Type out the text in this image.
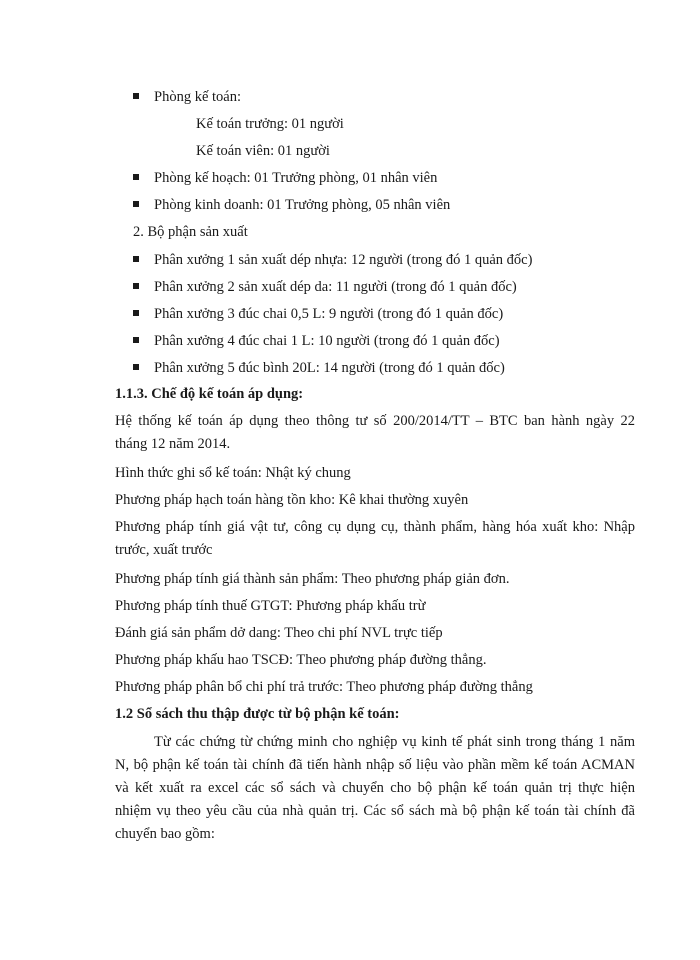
Phòng kế toán:
Kế toán trưởng: 01 người
Kế toán viên: 01 người
Phòng kế hoạch: 01 Trưởng phòng, 01 nhân viên
Phòng kinh doanh: 01 Trưởng phòng, 05 nhân viên
2. Bộ phận sản xuất
Phân xưởng 1 sản xuất dép nhựa: 12 người (trong đó 1 quản đốc)
Phân xưởng 2 sản xuất dép da: 11 người (trong đó 1 quản đốc)
Phân xưởng 3 đúc chai 0,5 L: 9 người (trong đó 1 quản đốc)
Phân xưởng 4 đúc chai 1 L: 10 người (trong đó 1 quản đốc)
Phân xưởng 5 đúc bình 20L: 14 người (trong đó 1 quản đốc)
1.1.3. Chế độ kế toán áp dụng:
Hệ thống kế toán áp dụng theo thông tư số 200/2014/TT – BTC ban hành ngày 22
tháng 12 năm 2014.
Hình thức ghi sổ kế toán: Nhật ký chung
Phương pháp hạch toán hàng tồn kho: Kê khai thường xuyên
Phương pháp tính giá vật tư, công cụ dụng cụ, thành phẩm, hàng hóa xuất kho: Nhập
trước, xuất trước
Phương pháp tính giá thành sản phẩm: Theo phương pháp giản đơn.
Phương pháp tính thuế GTGT: Phương pháp khấu trừ
Đánh giá sản phẩm dở dang: Theo chi phí NVL trực tiếp
Phương pháp khấu hao TSCĐ: Theo phương pháp đường thẳng.
Phương pháp phân bổ chi phí trả trước: Theo phương pháp đường thẳng
1.2 Sổ sách thu thập được từ bộ phận kế toán:
Từ các chứng từ chứng minh cho nghiệp vụ kinh tế phát sinh trong tháng 1 năm
N, bộ phận kế toán tài chính đã tiến hành nhập số liệu vào phần mềm kế toán ACMAN
và kết xuất ra excel các sổ sách và chuyển cho bộ phận kế toán quản trị thực hiện
nhiệm vụ theo yêu cầu của nhà quản trị. Các sổ sách mà bộ phận kế toán tài chính đã
chuyển bao gồm:
